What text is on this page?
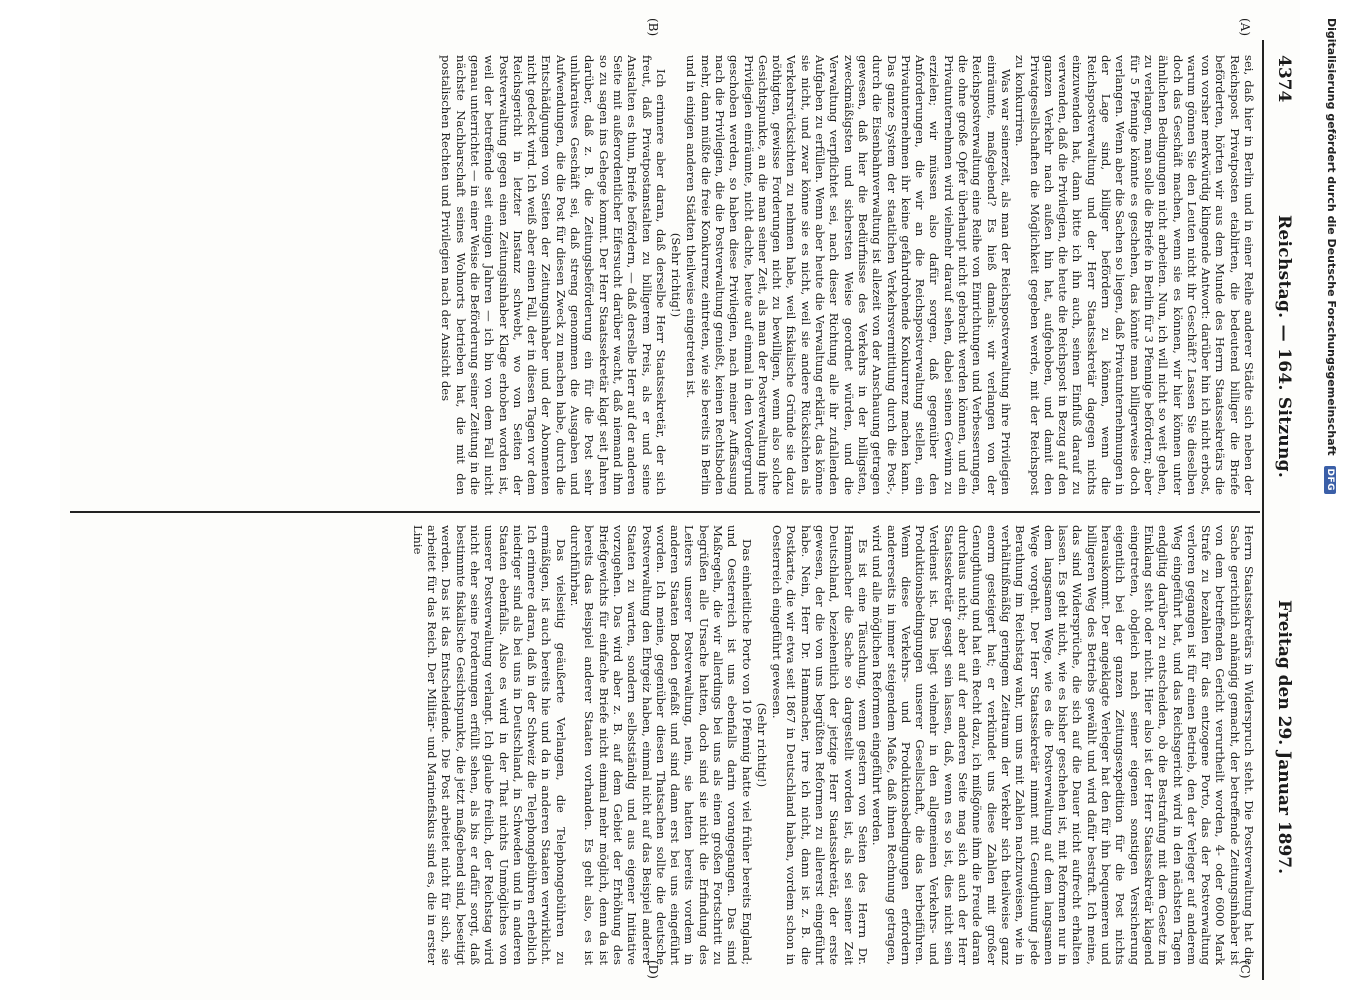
4374
Reichstag. — 164. Sitzung.
Freitag den 29. Januar 1897.
(A)
(B)
(C)
(D)

sei, daß hier in Berlin und in einer Reihe anderer Städte sich neben der Reichspost Privatposten etablirten, die bedeutend billiger die Briefe beförderten, hörten wir aus dem Munde des Herrn Staatssekretärs die von vorsher merkwürdig klingende Antwort: darüber hin ich nicht erbost, warum gönnen Sie den Leuten nicht ihr Geschäft? Lassen Sie dieselben doch das Geschäft machen, wenn sie es können, wir hier können unter ähnlichen Bedingungen nicht arbeiten. Nun, ich will nicht so weit gehen, zu verlangen, man solle die Briefe in Berlin für 3 Pfennige befördern; aber für 5 Pfennige könnte es geschehen, das könnte man billigerweise doch verlangen. Wenn aber die Sachen so liegen, daß Privatunternehmungen in der Lage sind, billiger befördern zu können, wenn die Reichspostverwaltung und der Herr Staatssekretär dagegen nichts einzuwenden hat, dann bitte ich ihn auch, seinen Einfluß darauf zu verwenden, daß die Privilegien, die heute die Reichspost in Bezug auf den ganzen Verkehr nach außen hin hat, aufgehoben, und damit den Privatgesellschaften die Möglichkeit gegeben werde, mit der Reichspost zu konkurriren.

Was war seinerzeit, als man der Reichspostverwaltung ihre Privilegien einräumte, maßgebend? Es hieß damals: wir verlangen von der Reichspostverwaltung eine Reihe von Einrichtungen und Verbesserungen, die ohne große Opfer überhaupt nicht gebracht werden können, und ein Privatunternehmen wird vielmehr darauf sehen, dabei seinen Gewinn zu erzielen; wir müssen also dafür sorgen, daß gegenüber den Anforderungen, die wir an die Reichspostverwaltung stellen, ein Privatunternehmen ihr keine gefahrdrohende Konkurrenz machen kann. Das ganze System der staatlichen Verkehrsvermittlung durch die Post-, durch die Eisenbahnverwaltung ist allezeit von der Anschauung getragen gewesen, daß hier die Bedürfnisse des Verkehrs in der billigsten, zweckmäßigsten und sichersten Weise geordnet würden, und die Verwaltung verpflichtet sei, nach dieser Richtung alle ihr zufallenden Aufgaben zu erfüllen. Wenn aber heute die Verwaltung erklärt, das könne sie nicht, und zwar könne sie es nicht, weil sie andere Rücksichten als Verkehrsrücksichten zu nehmen habe, weil fiskalische Gründe sie dazu nöthigten, gewisse Forderungen nicht zu bewilligen, wenn also solche Gesichtspunkte, an die man seiner Zeit, als man der Postverwaltung ihre Privilegien einräumte, nicht dachte, heute auf einmal in den Vordergrund geschoben werden, so haben diese Privilegien, nach meiner Auffassung nach die Privilegien, die die Postverwaltung genießt, keinen Rechtsboden mehr, dann müßte die freie Konkurrenz eintreten, wie sie bereits in Berlin und in einigen anderen Städten theilweise eingetreten ist.

(Sehr richtig!)

Ich erinnere aber daran, daß derselbe Herr Staatssekretär, der sich freut, daß Privatpostanstalten zu billigerem Preis, als er und seine Anstalten es thun, Briefe befördern, — daß derselbe Herr auf der anderen Seite mit außerordentlicher Eifersucht darüber wacht, daß niemand ihm so zu sagen ins Gehege kommt. Der Herr Staatssekretär klagt seit Jahren darüber, daß z. B. die Zeitungsbeförderung ein für die Post sehr unlukratives Geschäft sei, daß streng genommen die Ausgaben und Aufwendungen, die die Post für diesen Zweck zu machen habe, durch die Entschädigungen von Seiten der Zeitungsinhaber und der Abonnenten nicht gedeckt wird. Ich weiß aber einen Fall, der in diesen Tagen vor dem Reichsgericht in letzter Instanz schwebt, wo von Seiten der Postverwaltung gegen einen Zeitungsinhaber Klage erhoben worden ist, weil der betreffende seit einigen Jahren — ich bin von dem Fall nicht genau unterrichtet — in einer Weise die Beförderung seiner Zeitung in die nächste Nachbarschaft seines Wohnorts betrieben hat, die mit den postalischen Rechten und Privilegien nach der Ansicht des

Herrn Staatssekretärs in Widerspruch steht. Die Postverwaltung hat die Sache gerichtlich anhängig gemacht, der betreffende Zeitungsinhaber ist von dem betreffenden Gericht verurtheilt worden, 4- oder 6000 Mark Strafe zu bezahlen für das entzogene Porto, das der Postverwaltung verloren gegangen ist für einen Betrieb, den der Verleger auf anderem Weg eingeführt hat, und das Reichsgericht wird in den nächsten Tagen endgiltig darüber zu entscheiden, ob die Bestrafung mit dem Gesetz im Einklang steht oder nicht. Hier also ist der Herr Staatssekretär klagend eingetreten, obgleich nach seiner eigenen sonstigen Versicherung eigentlich bei der ganzen Zeitungsexpedition für die Post nichts herauskommt. Der angeklagte Verleger hat den für ihn bequemeren und billigeren Weg des Betriebs gewählt und wird dafür bestraft. Ich meine, das sind Widersprüche, die sich auf die Dauer nicht aufrecht erhalten lassen. Es geht nicht, wie es bisher geschehen ist, mit Reformen nur in dem langsamen Wege, wie es die Postverwaltung auf dem langsamen Wege vorgeht. Der Herr Staatssekretär nimmt mit Genugthuung jede Berathung im Reichstag wahr, um uns mit Zahlen nachzuweisen, wie in verhältnißmäßig geringem Zeitraum der Verkehr sich theilweise ganz enorm gesteigert hat; er verkündet uns diese Zahlen mit großer Genugthuung und hat ein Recht dazu, ich mißgönne ihm die Freude daran durchaus nicht; aber auf der anderen Seite mag sich auch der Herr Staatssekretär gesagt sein lassen, daß, wenn es so ist, dies nicht sein Verdienst ist. Das liegt vielmehr in den allgemeinen Verkehrs- und Produktionsbedingungen unserer Gesellschaft, die das herbeiführen. Wenn diese Verkehrs- und Produktionsbedingungen erfordern andererseits in immer steigendem Maße, daß ihnen Rechnung getragen, wird und alle möglichen Reformen eingeführt werden.

Es ist eine Täuschung, wenn gestern von Seiten des Herrn Dr. Hammacher die Sache so dargestellt worden ist, als sei seiner Zeit Deutschland, beziehentlich der jetzige Herr Staatssekretär, der erste gewesen, der die von uns begrüßten Reformen zu allererst eingeführt habe. Nein, Herr Dr. Hammacher, irre ich nicht, dann ist z. B. die Postkarte, die wir etwa seit 1867 in Deutschland haben, vordem schon in Oesterreich eingeführt gewesen.

(Sehr richtig!)

Das einheitliche Porto von 10 Pfennig hatte viel früher bereits England; und Oesterreich ist uns ebenfalls darin vorangegangen. Das sind Maßregeln, die wir allerdings bei uns als einen großen Fortschritt zu begrüßen alle Ursache hatten, doch sind sie nicht die Erfindung des Leiters unserer Postverwaltung, nein, sie hatten bereits vordem in anderen Staaten Boden gefaßt und sind dann erst bei uns eingeführt worden. Ich meine, gegenüber diesen Thatsachen sollte die deutsche Postverwaltung den Ehrgeiz haben, einmal nicht auf das Beispiel anderer Staaten zu warten, sondern selbstständig und aus eigener Initiative vorzugehen. Das wird aber z. B. auf dem Gebiet der Erhöhung des Briefgewichts für einfache Briefe nicht einmal mehr möglich, denn da ist bereits das Beispiel anderer Staaten vorhanden. Es geht also, es ist durchführbar.

Das vielseitig geäußerte Verlangen, die Telephongebühren zu ermäßigen, ist auch bereits hie und da in anderen Staaten verwirklicht. Ich erinnere daran, daß in der Schweiz die Telephongebühren erheblich niedriger sind als bei uns in Deutschland, in Schweden und in anderen Staaten ebenfalls. Also es wird in der That nichts Unmögliches von unserer Postverwaltung verlangt. Ich glaube freilich, der Reichstag wird nicht eher seine Forderungen erfüllt sehen, als bis er dafür sorgt, daß bestimmte fiskalische Gesichtspunkte, die jetzt maßgebend sind, beseitigt werden. Das ist das Entscheidende. Die Post arbeitet nicht für sich, sie arbeitet für das Reich. Der Militär- und Marinefiskus sind es, die in erster Linie

Digitalisierung gefördert durch die Deutsche Forschungsgemeinschaft DFG
